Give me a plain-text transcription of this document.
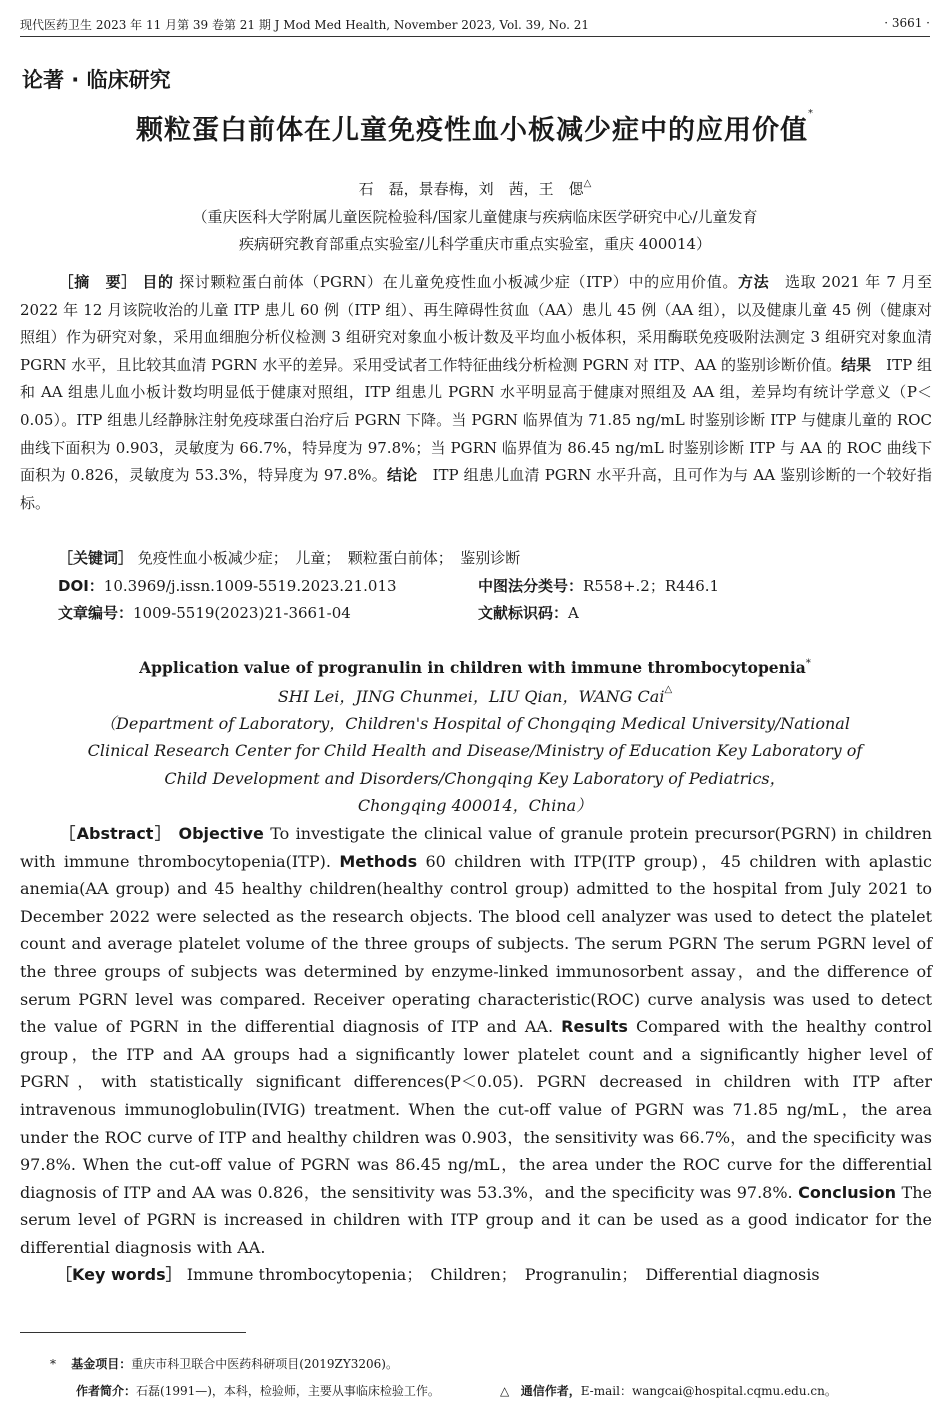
现代医药卫生 2023 年 11 月第 39 卷第 21 期 J Mod Med Health, November 2023, Vol. 39, No. 21	· 3661 ·
论著 · 临床研究
颗粒蛋白前体在儿童免疫性血小板减少症中的应用价值*
石　磊，景春梅，刘　茜，王　偲△
（重庆医科大学附属儿童医院检验科/国家儿童健康与疾病临床医学研究中心/儿童发育
疾病研究教育部重点实验室/儿科学重庆市重点实验室，重庆 400014）
［摘　要］ 目的 探讨颗粒蛋白前体（PGRN）在儿童免疫性血小板减少症（ITP）中的应用价值。方法　 选取 2021 年 7 月至 2022 年 12 月该院收治的儿童 ITP 患儿 60 例（ITP 组）、再生障碍性贫血（AA）患儿 45 例（AA 组），以及健康儿童 45 例（健康对照组）作为研究对象，采用血细胞分析仪检测 3 组研究对象血小板计数及平均血小板体积，采用酶联免疫吸附法测定 3 组研究对象血清 PGRN 水平，且比较其血清 PGRN 水平的差异。采用受试者工作特征曲线分析检测 PGRN 对 ITP、AA 的鉴别诊断价值。结果　 ITP 组和 AA 组患儿血小板计数均明显低于健康对照组，ITP 组患儿 PGRN 水平明显高于健康对照组及 AA 组，差异均有统计学意义（P＜0.05）。ITP 组患儿经静脉注射免疫球蛋白治疗后 PGRN 下降。当 PGRN 临界值为 71.85 ng/mL 时鉴别诊断 ITP 与健康儿童的 ROC 曲线下面积为 0.903，灵敏度为 66.7%，特异度为 97.8%；当 PGRN 临界值为 86.45 ng/mL 时鉴别诊断 ITP 与 AA 的 ROC 曲线下面积为 0.826，灵敏度为 53.3%，特异度为 97.8%。结论　 ITP 组患儿血清 PGRN 水平升高，且可作为与 AA 鉴别诊断的一个较好指标。
［关键词］ 免疫性血小板减少症；　儿童；　颗粒蛋白前体；　鉴别诊断
DOI：10.3969/j.issn.1009-5519.2023.21.013	中图法分类号：R558+.2；R446.1
文章编号：1009-5519(2023)21-3661-04	文献标识码：A
Application value of progranulin in children with immune thrombocytopenia*
SHI Lei，JING Chunmei，LIU Qian，WANG Cai△
（Department of Laboratory，Children's Hospital of Chongqing Medical University/National
Clinical Research Center for Child Health and Disease/Ministry of Education Key Laboratory of
Child Development and Disorders/Chongqing Key Laboratory of Pediatrics，
Chongqing 400014，China）
［Abstract］ Objective To investigate the clinical value of granule protein precursor(PGRN) in children with immune thrombocytopenia(ITP). Methods 60 children with ITP(ITP group)，45 children with aplastic anemia(AA group) and 45 healthy children(healthy control group) admitted to the hospital from July 2021 to December 2022 were selected as the research objects. The blood cell analyzer was used to detect the platelet count and average platelet volume of the three groups of subjects. The serum PGRN The serum PGRN level of the three groups of subjects was determined by enzyme-linked immunosorbent assay，and the difference of serum PGRN level was compared. Receiver operating characteristic(ROC) curve analysis was used to detect the value of PGRN in the differential diagnosis of ITP and AA. Results Compared with the healthy control group，the ITP and AA groups had a significantly lower platelet count and a significantly higher level of PGRN，with statistically significant differences(P＜0.05). PGRN decreased in children with ITP after intravenous immunoglobulin(IVIG) treatment. When the cut-off value of PGRN was 71.85 ng/mL，the area under the ROC curve of ITP and healthy children was 0.903，the sensitivity was 66.7%，and the specificity was 97.8%. When the cut-off value of PGRN was 86.45 ng/mL，the area under the ROC curve for the differential diagnosis of ITP and AA was 0.826，the sensitivity was 53.3%，and the specificity was 97.8%. Conclusion The serum level of PGRN is increased in children with ITP group and it can be used as a good indicator for the differential diagnosis with AA.
［Key words］ Immune thrombocytopenia；　Children；　Progranulin；　Differential diagnosis
* 基金项目：重庆市科卫联合中医药科研项目(2019ZY3206)。
作者简介：石磊(1991—)，本科，检验师，主要从事临床检验工作。	△ 通信作者，E-mail：wangcai@hospital.cqmu.edu.cn。
